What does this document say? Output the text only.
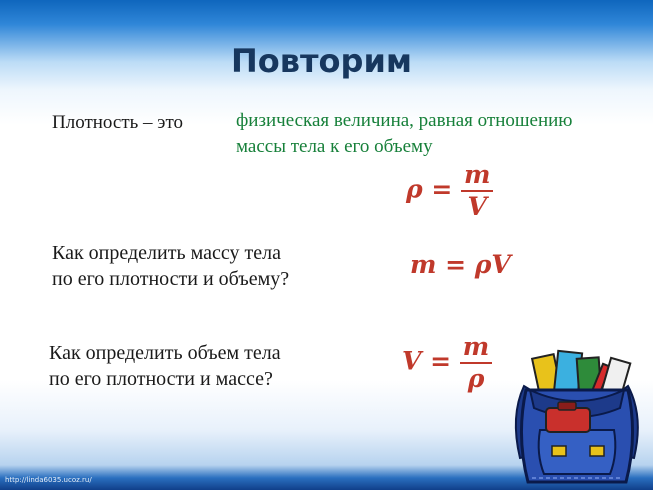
Повторим
Плотность – это	физическая величина, равная отношению
массы тела к его объему
$\rho = \frac{m}{V}$
Как определить массу тела
по его плотности и объему?	m = ρV
Как определить объем тела
по его плотности и массе?
$V = \frac{m}{\rho}$
http://linda6035.ucoz.ru/
